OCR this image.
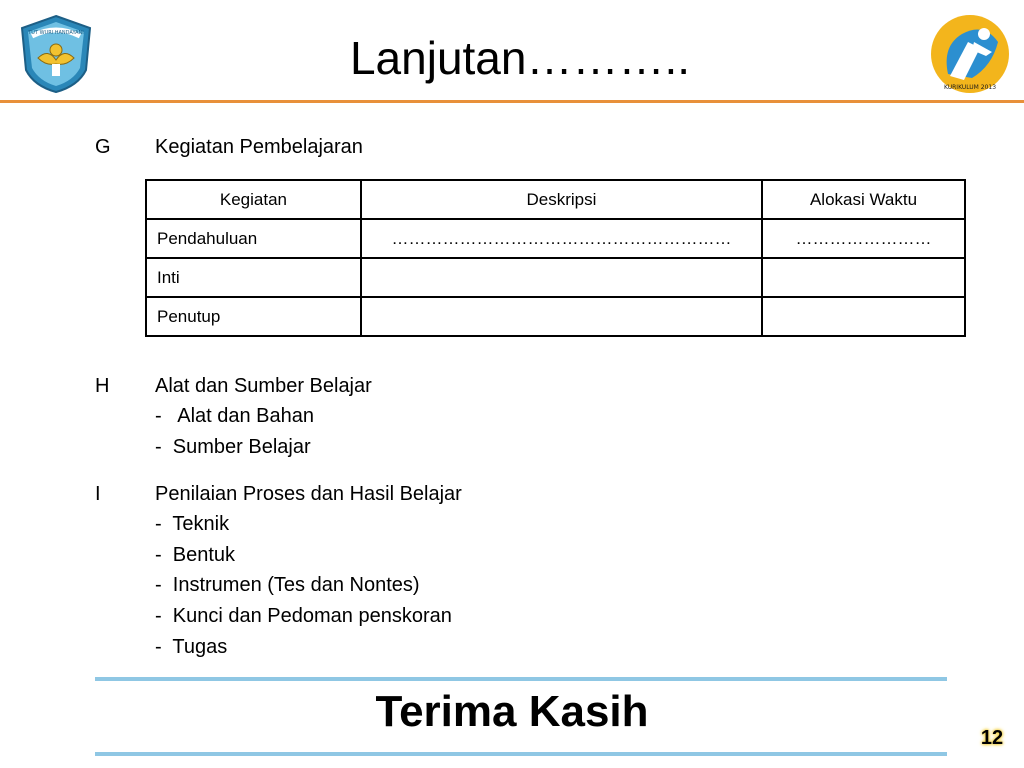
TUT WURI HANDAYANI	Lanjutan………..
KURIKULUM 2013
G Kegiatan Pembelajaran
Kegiatan	Deskripsi	Alokasi Waktu
Pendahuluan	……………………………………………………	……………………
Inti		
Penutup		
H Alat dan Sumber Belajar
-   Alat dan Bahan
-  Sumber Belajar
I	Penilaian Proses dan Hasil Belajar
-  Teknik
-  Bentuk
-  Instrumen (Tes dan Nontes)
-  Kunci dan Pedoman penskoran
-  Tugas
Terima Kasih
12
